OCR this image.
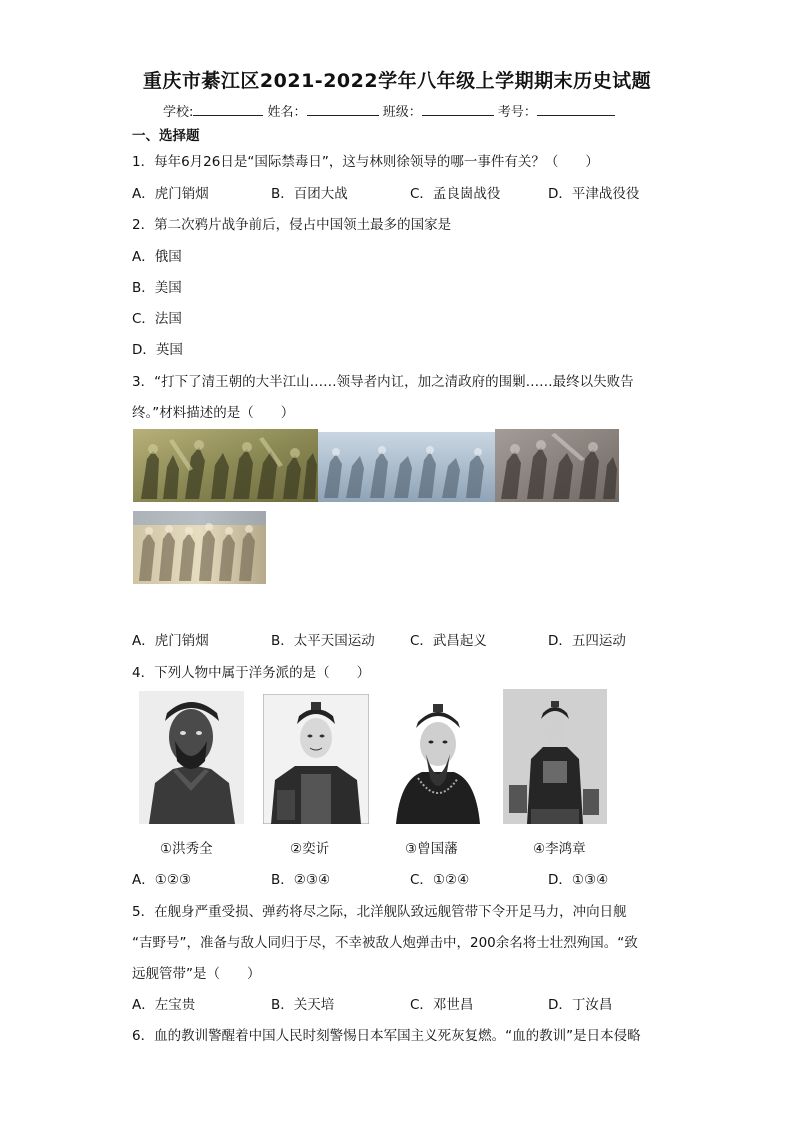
重庆市綦江区2021-2022学年八年级上学期期末历史试题
学校:	姓名：	班级：	考号：
一、选择题
1．每年6月26日是“国际禁毒日”，这与林则徐领导的哪一事件有关？（　　）
A．虎门销烟	B．百团大战	C．孟良崮战役	D．平津战役役
2．第二次鸦片战争前后，侵占中国领土最多的国家是
A．俄国
B．美国
C．法国
D．英国
3．“打下了清王朝的大半江山……领导者内讧，加之清政府的围剿……最终以失败告
终。”材料描述的是（　　）
A．虎门销烟	B．太平天国运动	C．武昌起义	D．五四运动
4．下列人物中属于洋务派的是（　　）
①洪秀全	②奕䜣	③曾国藩	④李鸿章
A．①②③	B．②③④	C．①②④	D．①③④
5．在舰身严重受损、弹药将尽之际，北洋舰队致远舰管带下令开足马力，冲向日舰
“吉野号”，准备与敌人同归于尽，不幸被敌人炮弹击中，200余名将士壮烈殉国。“致
远舰管带”是（　　）
A．左宝贵	B．关天培	C．邓世昌	D．丁汝昌
6．血的教训警醒着中国人民时刻警惕日本军国主义死灰复燃。“血的教训”是日本侵略
